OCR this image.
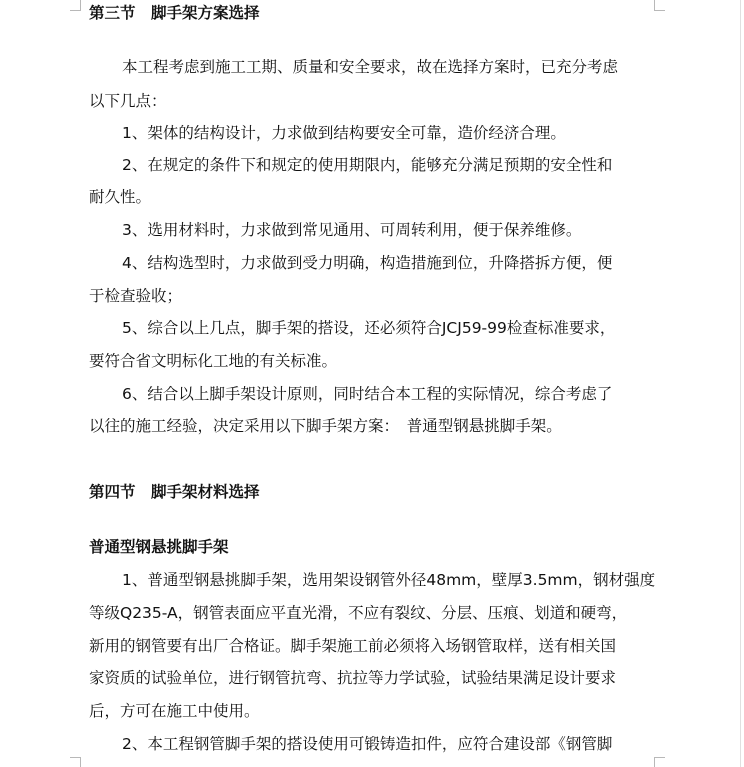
第三节　脚手架方案选择
本工程考虑到施工工期、质量和安全要求，故在选择方案时，已充分考虑
以下几点：
1、架体的结构设计，力求做到结构要安全可靠，造价经济合理。
2、在规定的条件下和规定的使用期限内，能够充分满足预期的安全性和
耐久性。
3、选用材料时，力求做到常见通用、可周转利用，便于保养维修。
4、结构选型时，力求做到受力明确，构造措施到位，升降搭拆方便，便
于检查验收；
5、综合以上几点，脚手架的搭设，还必须符合JCJ59-99检查标准要求，
要符合省文明标化工地的有关标准。
6、结合以上脚手架设计原则，同时结合本工程的实际情况，综合考虑了
以往的施工经验，决定采用以下脚手架方案：　普通型钢悬挑脚手架。
第四节　脚手架材料选择
普通型钢悬挑脚手架
1、普通型钢悬挑脚手架，选用架设钢管外径48mm，壁厚3.5mm，钢材强度
等级Q235-A，钢管表面应平直光滑，不应有裂纹、分层、压痕、划道和硬弯，
新用的钢管要有出厂合格证。脚手架施工前必须将入场钢管取样，送有相关国
家资质的试验单位，进行钢管抗弯、抗拉等力学试验，试验结果满足设计要求
后，方可在施工中使用。
2、本工程钢管脚手架的搭设使用可锻铸造扣件，应符合建设部《钢管脚
